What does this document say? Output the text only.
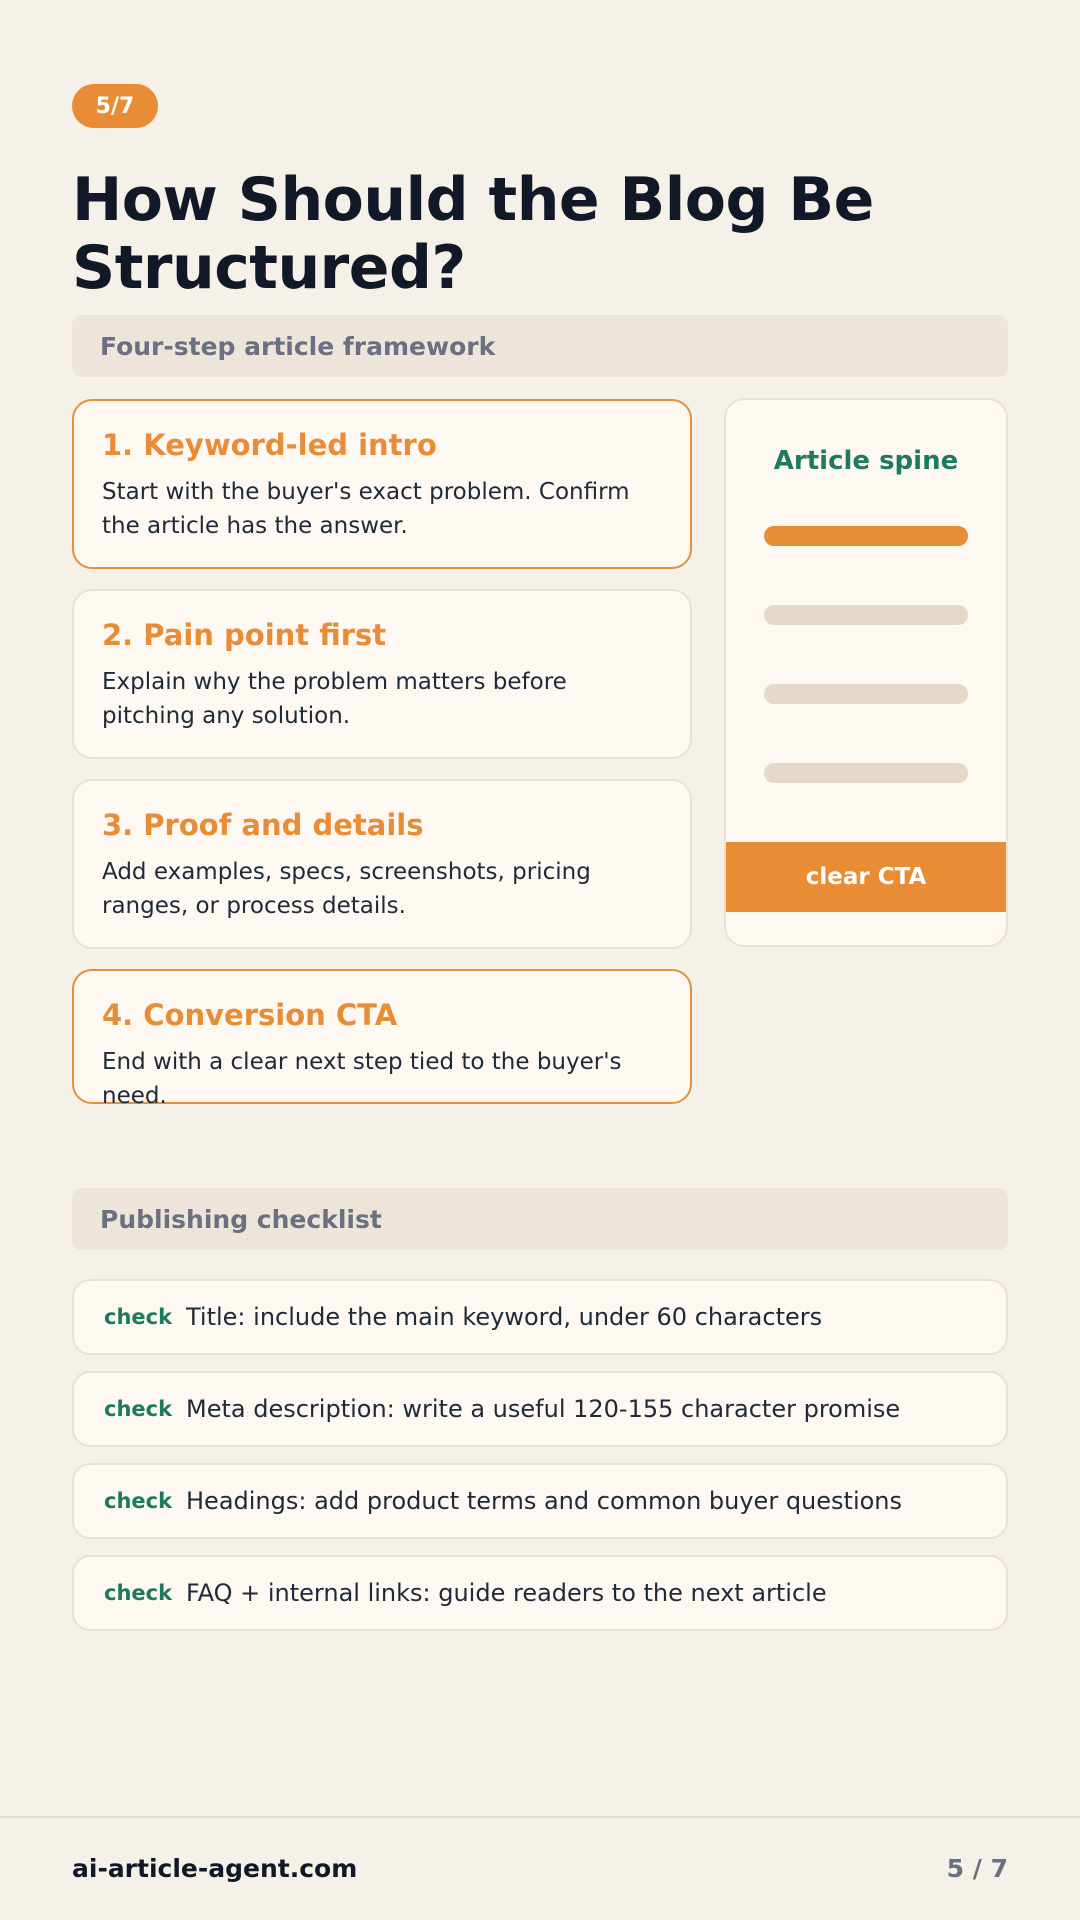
5/7
How Should the Blog Be Structured?
Four-step article framework
1. Keyword-led intro
Start with the buyer's exact problem. Confirm the article has the answer.
2. Pain point first
Explain why the problem matters before pitching any solution.
3. Proof and details
Add examples, specs, screenshots, pricing ranges, or process details.
4. Conversion CTA
End with a clear next step tied to the buyer's need.
Article spine
clear CTA
Publishing checklist
check Title: include the main keyword, under 60 characters
check Meta description: write a useful 120-155 character promise
check Headings: add product terms and common buyer questions
check FAQ + internal links: guide readers to the next article
ai-article-agent.com	5 / 7
